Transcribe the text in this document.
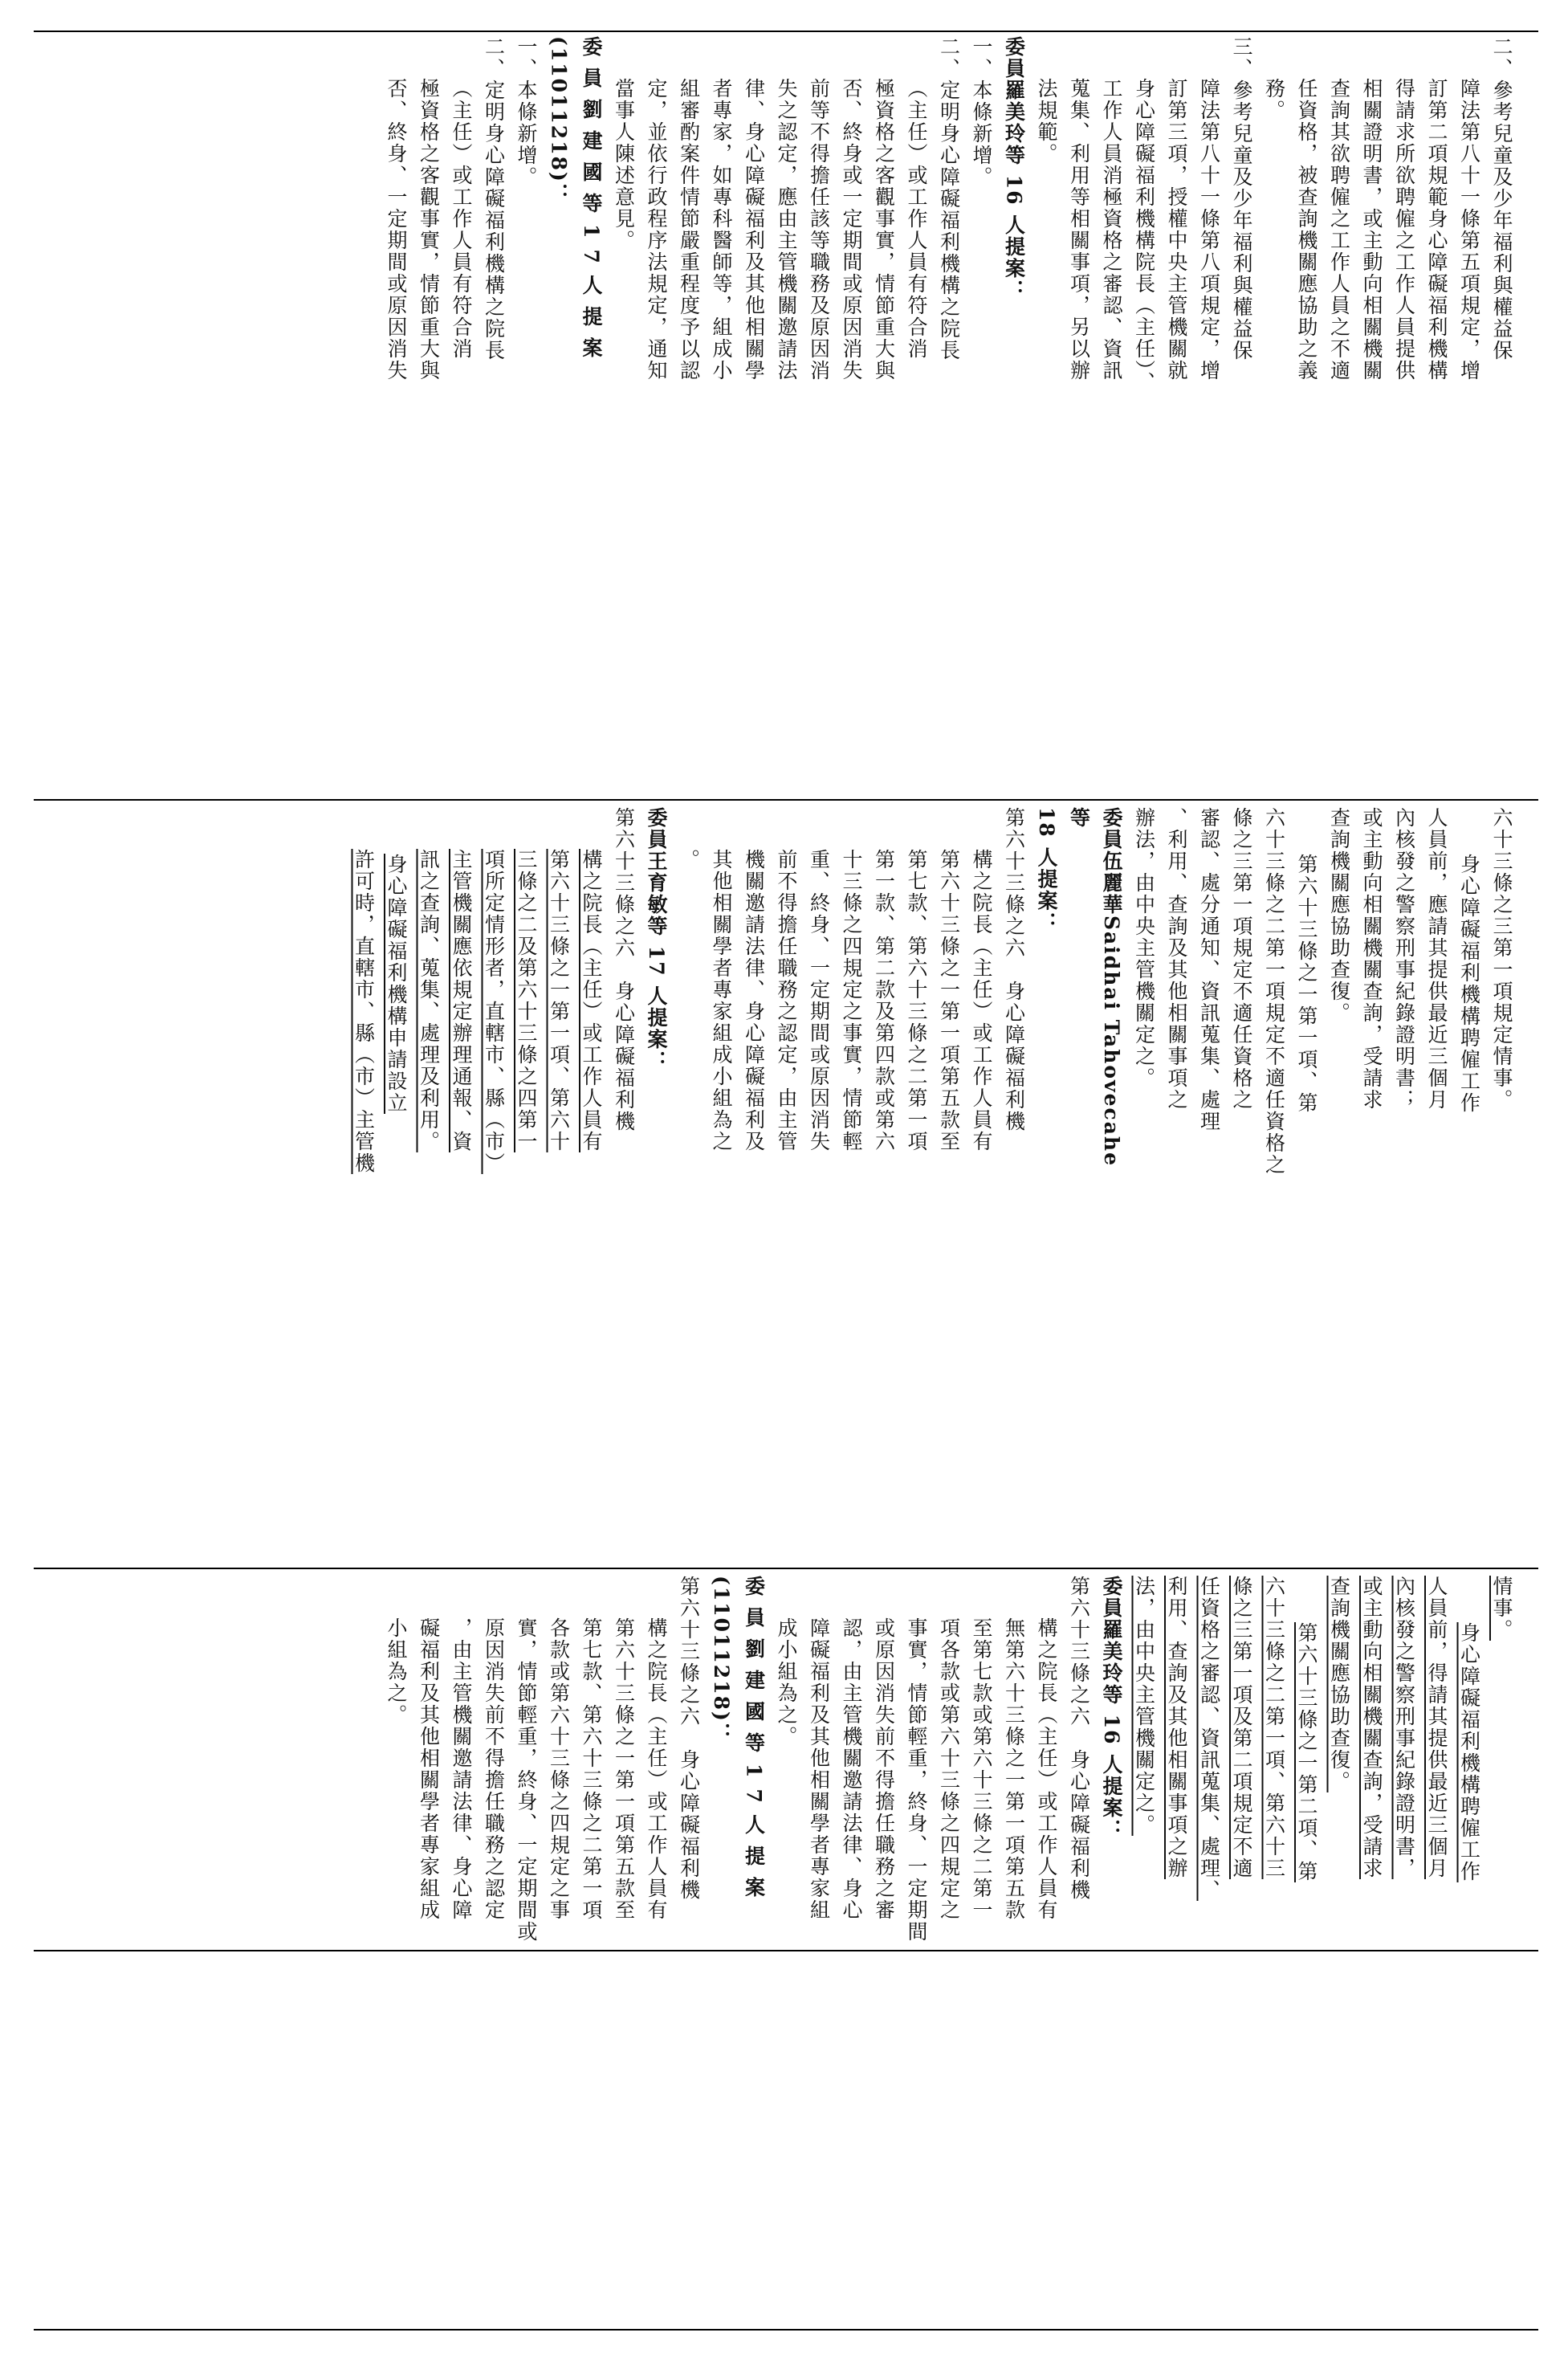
二、參考兒童及少年福利與權益保

障法第八十一條第五項規定，增

訂第二項規範身心障礙福利機構

得請求所欲聘僱之工作人員提供

相關證明書，或主動向相關機關

查詢其欲聘僱之工作人員之不適

任資格，被查詢機關應協助之義

務。

三、參考兒童及少年福利與權益保

障法第八十一條第八項規定，增

訂第三項，授權中央主管機關就

身心障礙福利機構院長（主任）、

工作人員消極資格之審認、資訊

蒐集、利用等相關事項，另以辦

法規範。

委員羅美玲等 16 人提案：

一、本條新增。

二、定明身心障礙福利機構之院長

（主任）或工作人員有符合消

極資格之客觀事實，情節重大與

否、終身或一定期間或原因消失

前等不得擔任該等職務及原因消

失之認定，應由主管機關邀請法

律、身心障礙福利及其他相關學

者專家，如專科醫師等，組成小

組審酌案件情節嚴重程度予以認

定，並依行政程序法規定，通知

當事人陳述意見。

委員劉建國等17人提案

(11011218)：

一、本條新增。

二、定明身心障礙福利機構之院長

（主任）或工作人員有符合消

極資格之客觀事實，情節重大與

否、終身、一定期間或原因消失

六十三條之三第一項規定情事。

身心障礙福利機構聘僱工作

人員前，應請其提供最近三個月

內核發之警察刑事紀錄證明書；

或主動向相關機關查詢，受請求

查詢機關應協助查復。

第六十三條之一第一項、第

六十三條之二第一項規定不適任資格之

條之三第一項規定不適任資格之

審認、處分通知、資訊蒐集、處理

、利用、查詢及其他相關事項之

辦法，由中央主管機關定之。

委員伍麗華Saidhai Tahovecahe等

18 人提案：

第六十三條之六　身心障礙福利機

構之院長（主任）或工作人員有

第六十三條之一第一項第五款至

第七款、第六十三條之二第一項

第一款、第二款及第四款或第六

十三條之四規定之事實，情節輕

重、終身、一定期間或原因消失

前不得擔任職務之認定，由主管

機關邀請法律、身心障礙福利及

其他相關學者專家組成小組為之

。

委員王育敏等 17 人提案：

第六十三條之六　身心障礙福利機

構之院長（主任）或工作人員有

第六十三條之一第一項、第六十

三條之二及第六十三條之四第一

項所定情形者，直轄市、縣（市）

主管機關應依規定辦理通報、資

訊之查詢、蒐集、處理及利用。

身心障礙福利機構申請設立

許可時，直轄市、縣（市）主管機

情事。

身心障礙福利機構聘僱工作

人員前，得請其提供最近三個月

內核發之警察刑事紀錄證明書，

或主動向相關機關查詢，受請求

查詢機關應協助查復。

第六十三條之一第二項、第

六十三條之二第一項、第六十三

條之三第一項及第二項規定不適

任資格之審認、資訊蒐集、處理、

利用、查詢及其他相關事項之辦

法，由中央主管機關定之。

委員羅美玲等 16 人提案：

第六十三條之六　身心障礙福利機

構之院長（主任）或工作人員有

無第六十三條之一第一項第五款

至第七款或第六十三條之二第一

項各款或第六十三條之四規定之

事實，情節輕重，終身、一定期間

或原因消失前不得擔任職務之審

認，由主管機關邀請法律、身心

障礙福利及其他相關學者專家組

成小組為之。

委員劉建國等17人提案

(11011218)：

第六十三條之六　身心障礙福利機

構之院長（主任）或工作人員有

第六十三條之一第一項第五款至

第七款、第六十三條之二第一項

各款或第六十三條之四規定之事

實，情節輕重，終身、一定期間或

原因消失前不得擔任職務之認定

，由主管機關邀請法律、身心障

礙福利及其他相關學者專家組成

小組為之。
